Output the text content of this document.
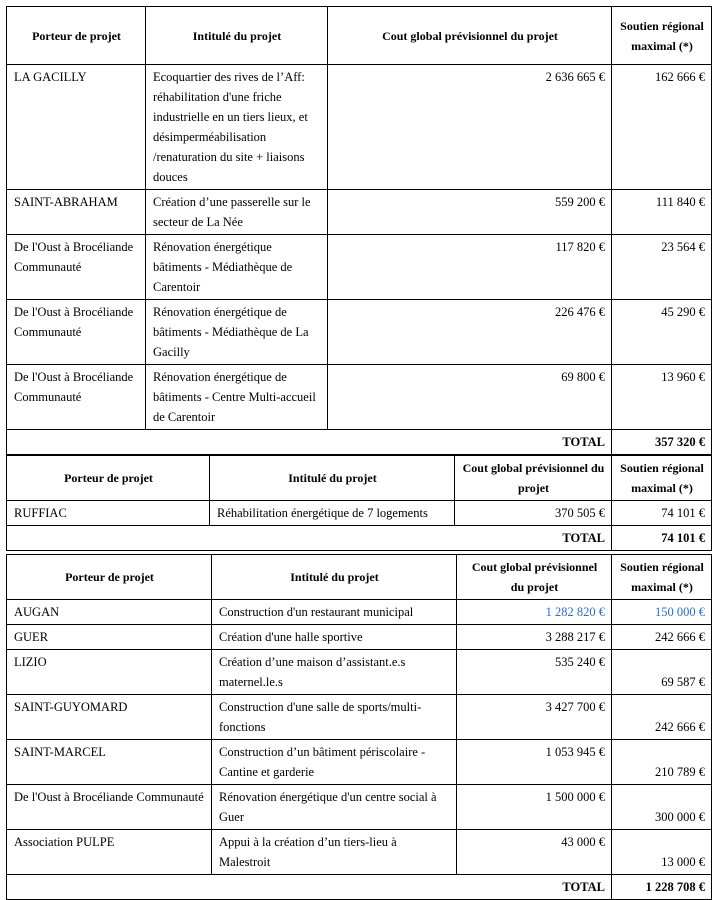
Porteur de projet	Intitulé du projet	Cout global prévisionnel du projet	Soutien régional maximal (*)
LA GACILLY	Ecoquartier des rives de l’Aff: réhabilitation d'une friche industrielle en un tiers lieux, et désimperméabilisation /renaturation du site + liaisons douces	2 636 665 €	162 666 €
SAINT-ABRAHAM	Création d’une passerelle sur le secteur de La Née	559 200 €	111 840 €
De l'Oust à Brocéliande Communauté	Rénovation énergétique bâtiments - Médiathèque de Carentoir	117 820 €	23 564 €
De l'Oust à Brocéliande Communauté	Rénovation énergétique de bâtiments - Médiathèque de La Gacilly	226 476 €	45 290 €
De l'Oust à Brocéliande Communauté	Rénovation énergétique de bâtiments - Centre Multi-accueil de Carentoir	69 800 €	13 960 €
TOTAL			357 320 €
Porteur de projet	Intitulé du projet	Cout global prévisionnel du projet	Soutien régional maximal (*)
RUFFIAC	Réhabilitation énergétique de 7 logements	370 505 €	74 101 €
TOTAL			74 101 €
Porteur de projet	Intitulé du projet	Cout global prévisionnel du projet	Soutien régional maximal (*)
AUGAN	Construction d'un restaurant municipal	1 282 820 €	150 000 €
GUER	Création d'une halle sportive	3 288 217 €	242 666 €
LIZIO	Création d’une maison d’assistant.e.s maternel.le.s	535 240 €	69 587 €
SAINT-GUYOMARD	Construction d'une salle de sports/multi-fonctions	3 427 700 €	242 666 €
SAINT-MARCEL	Construction d’un bâtiment périscolaire - Cantine et garderie	1 053 945 €	210 789 €
De l'Oust à Brocéliande Communauté	Rénovation énergétique d'un centre social à Guer	1 500 000 €	300 000 €
Association PULPE	Appui à la création d’un tiers-lieu à Malestroit	43 000 €	13 000 €
TOTAL			1 228 708 €
